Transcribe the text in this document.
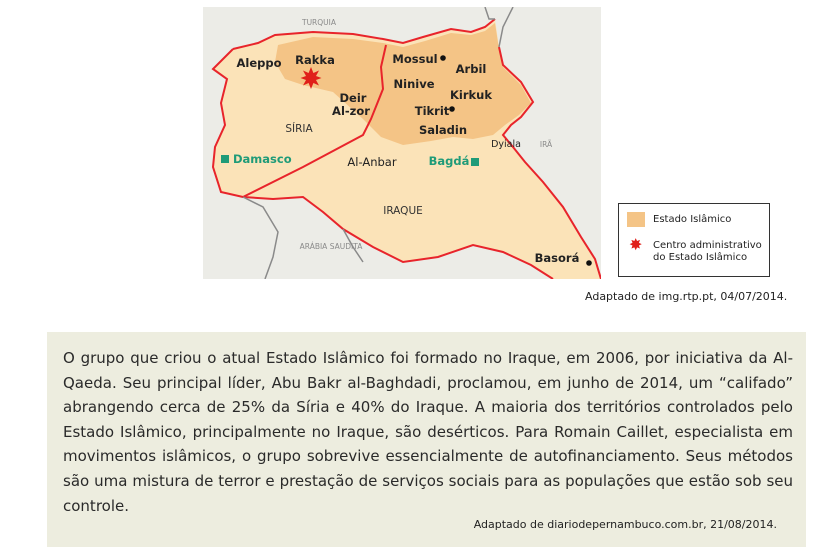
TURQUIA
IRÃ
ARÁBIA SAUDITA
SÍRIA
IRAQUE
Aleppo Rakka
Deir
Al-zor
Damasco
Mossul
Ninive
Arbil
Kirkuk
Tikrit
Saladin
Dyiala
Al-Anbar	Bagdá
Basorá
Estado Islâmico
✸ Centro administrativo
do Estado Islâmico
Adaptado de img.rtp.pt, 04/07/2014.

O grupo que criou o atual Estado Islâmico foi formado no Iraque, em 2006, por iniciativa da Al-Qaeda. Seu principal líder, Abu Bakr al-Baghdadi, proclamou, em junho de 2014, um “califado” abrangendo cerca de 25% da Síria e 40% do Iraque. A maioria dos territórios controlados pelo Estado Islâmico, principalmente no Iraque, são desérticos. Para Romain Caillet, especialista em movimentos islâmicos, o grupo sobrevive essencialmente de autofinanciamento. Seus métodos são uma mistura de terror e prestação de serviços sociais para as populações que estão sob seu controle.

Adaptado de diariodepernambuco.com.br, 21/08/2014.
